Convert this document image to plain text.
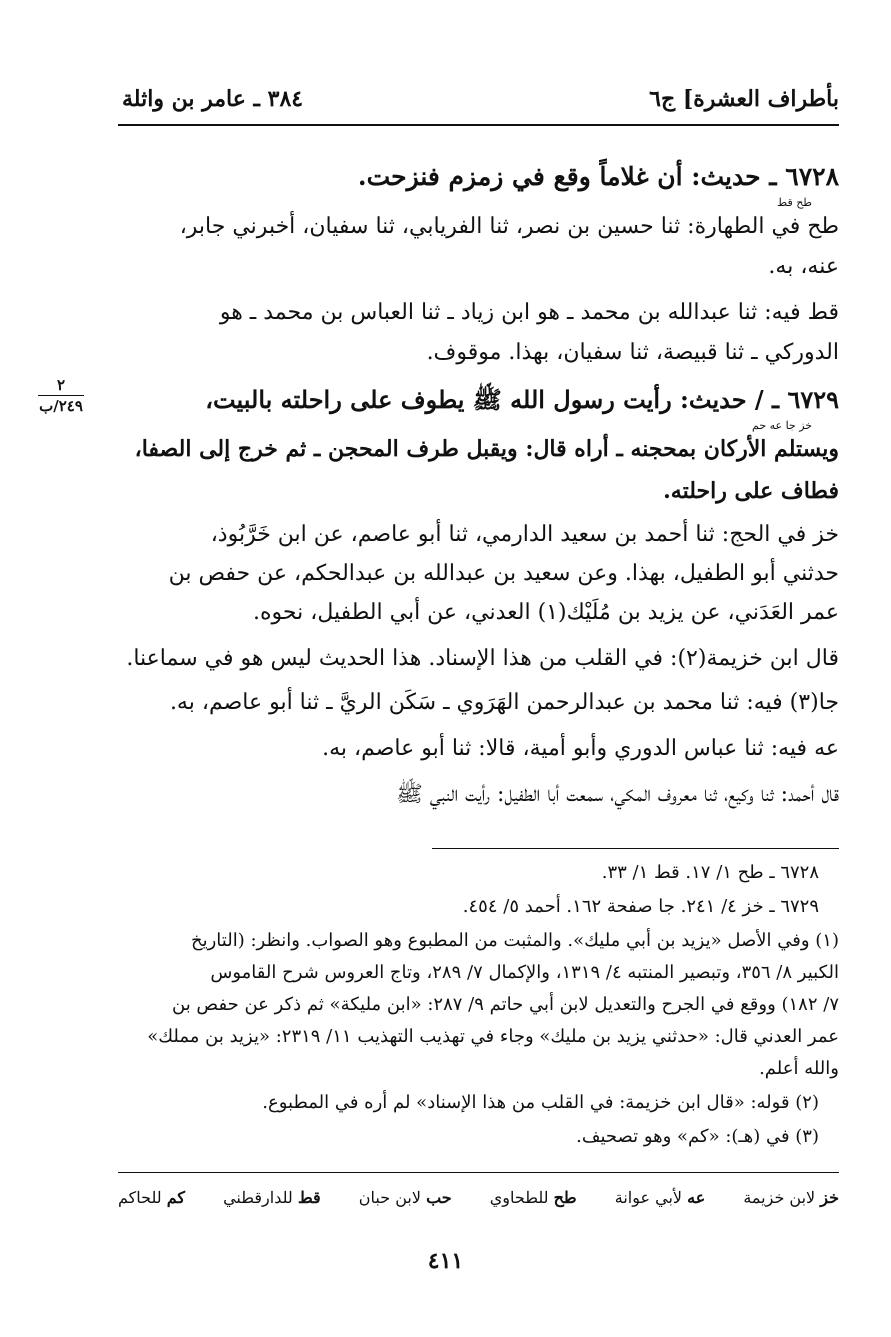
بأطراف العشرة] ج٦
٣٨٤ ـ عامر بن واثلة
٦٧٢٨ ـ حديث: أن غلاماً وقع في زمزم فنزحت.
طح قط
طح في الطهارة: ثنا حسين بن نصر، ثنا الفريابي، ثنا سفيان، أخبرني جابر،
عنه، به.
قط فيه: ثنا عبدالله بن محمد ـ هو ابن زياد ـ ثنا العباس بن محمد ـ هو
الدوركي ـ ثنا قبيصة، ثنا سفيان، بهذا. موقوف.
٦٧٢٩ ـ / حديث: رأيت رسول الله ﷺ يطوف على راحلته بالبيت،
خز جا عه حم
ويستلم الأركان بمحجنه ـ أراه قال: ويقبل طرف المحجن ـ ثم خرج إلى الصفا،
فطاف على راحلته.
خز في الحج: ثنا أحمد بن سعيد الدارمي، ثنا أبو عاصم، عن ابن خَرَّبُوذ،
حدثني أبو الطفيل، بهذا. وعن سعيد بن عبدالله بن عبدالحكم، عن حفص بن
عمر العَدَني، عن يزيد بن مُلَيْك(١) العدني، عن أبي الطفيل، نحوه.
قال ابن خزيمة(٢): في القلب من هذا الإسناد. هذا الحديث ليس هو في سماعنا.
جا(٣) فيه: ثنا محمد بن عبدالرحمن الهَرَوي ـ سَكَن الريَّ ـ ثنا أبو عاصم، به.
عه فيه: ثنا عباس الدوري وأبو أمية، قالا: ثنا أبو عاصم، به.
قال أحمد: ثنا وكيع، ثنا معروف المكي، سمعت أبا الطفيل: رأيت النبي ﷺ
٢
٢٤٩/ب
٦٧٢٨ ـ طح ١/ ١٧. قط ١/ ٣٣.
٦٧٢٩ ـ خز ٤/ ٢٤١. جا صفحة ١٦٢. أحمد ٥/ ٤٥٤.
(١) وفي الأصل «يزيد بن أبي مليك». والمثبت من المطبوع وهو الصواب. وانظر: (التاريخ
الكبير ٨/ ٣٥٦، وتبصير المنتبه ٤/ ١٣١٩، والإكمال ٧/ ٢٨٩، وتاج العروس شرح القاموس
٧/ ١٨٢) ووقع في الجرح والتعديل لابن أبي حاتم ٩/ ٢٨٧: «ابن مليكة» ثم ذكر عن حفص بن
عمر العدني قال: «حدثني يزيد بن مليك» وجاء في تهذيب التهذيب ١١/ ٢٣١٩: «يزيد بن مملك»
والله أعلم.
(٢) قوله: «قال ابن خزيمة: في القلب من هذا الإسناد» لم أره في المطبوع.
(٣) في (هـ): «كم» وهو تصحيف.
خز لابن خزيمة
عه لأبي عوانة
طح للطحاوي
حب لابن حبان
قط للدارقطني
كم للحاكم
٤١١
